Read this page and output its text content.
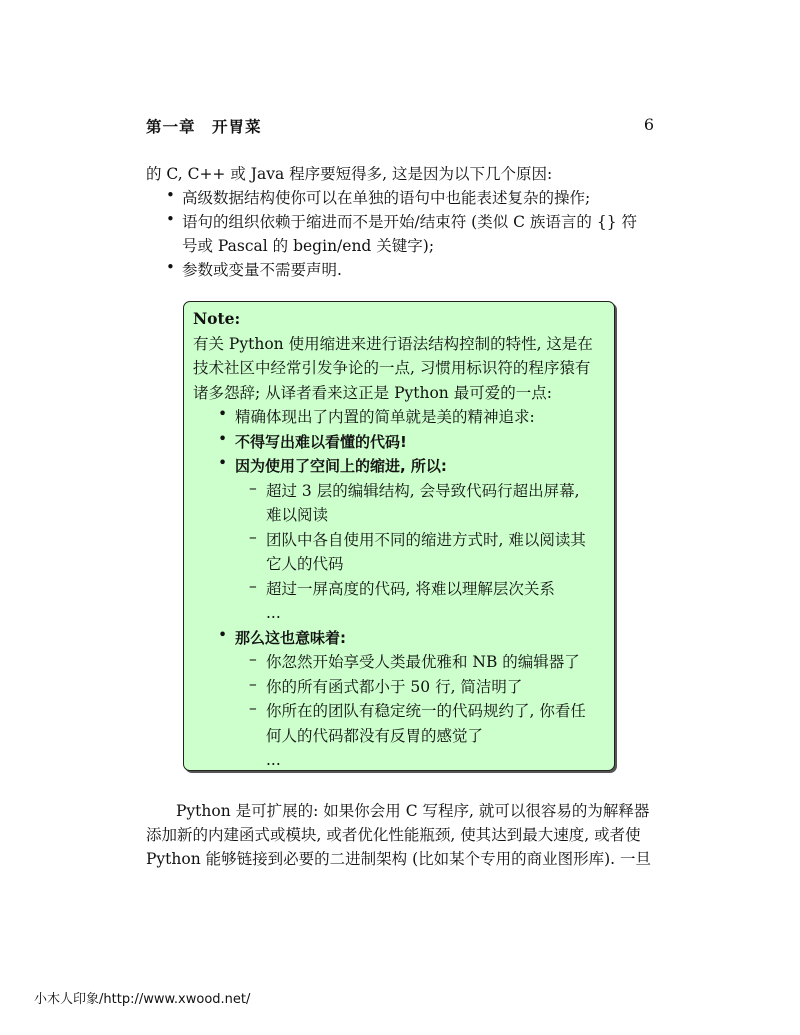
第一章　开胃菜	6
的 C, C++ 或 Java 程序要短得多, 这是因为以下几个原因:
• 高级数据结构使你可以在单独的语句中也能表述复杂的操作;
• 语句的组织依赖于缩进而不是开始/结束符 (类似 C 族语言的 {} 符
号或 Pascal 的 begin/end 关键字);
• 参数或变量不需要声明.
Note:
有关 Python 使用缩进来进行语法结构控制的特性, 这是在
技术社区中经常引发争论的一点, 习惯用标识符的程序猿有
诸多怨辞; 从译者看来这正是 Python 最可爱的一点:
• 精确体现出了内置的简单就是美的精神追求:
• 不得写出难以看懂的代码!
• 因为使用了空间上的缩进, 所以:
– 超过 3 层的编辑结构, 会导致代码行超出屏幕,
难以阅读
– 团队中各自使用不同的缩进方式时, 难以阅读其
它人的代码
– 超过一屏高度的代码, 将难以理解层次关系
...
• 那么这也意味着:
– 你忽然开始享受人类最优雅和 NB 的编辑器了
– 你的所有函式都小于 50 行, 简洁明了
– 你所在的团队有稳定统一的代码规约了, 你看任
何人的代码都没有反胃的感觉了
...
Python 是可扩展的: 如果你会用 C 写程序, 就可以很容易的为解释器
添加新的内建函式或模块, 或者优化性能瓶颈, 使其达到最大速度, 或者使
Python 能够链接到必要的二进制架构 (比如某个专用的商业图形库). 一旦
小木人印象/http://www.xwood.net/
